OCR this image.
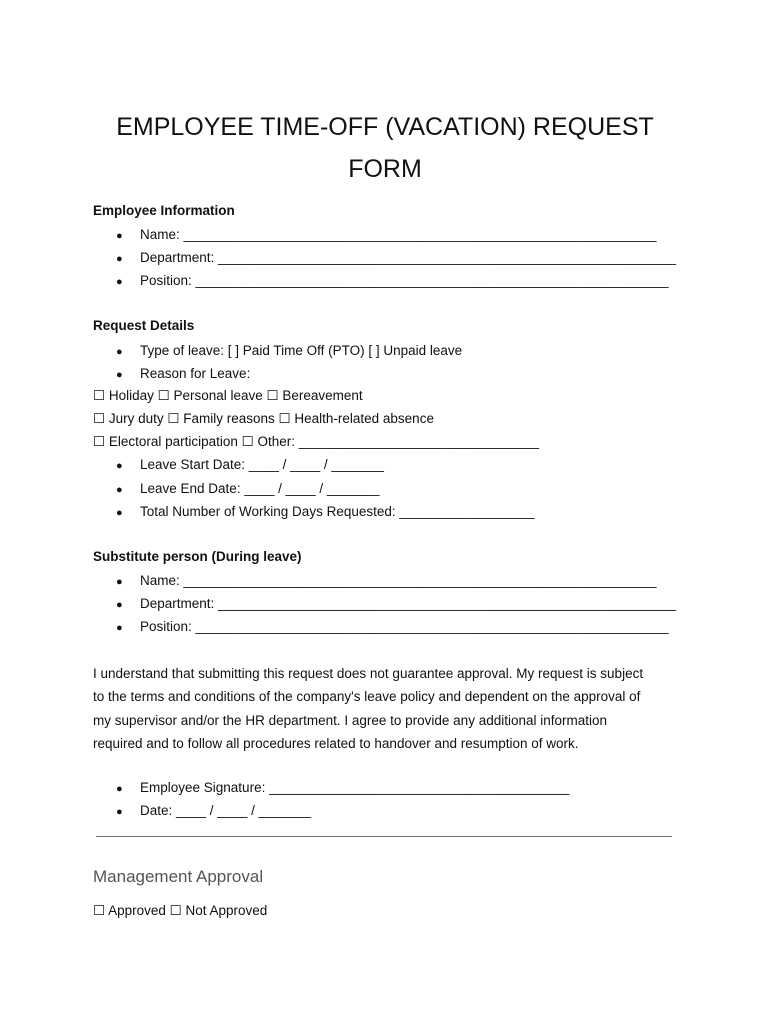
EMPLOYEE TIME-OFF (VACATION) REQUEST
FORM
Employee Information
● Name: _______________________________________________________________
● Department: _____________________________________________________________
● Position: _______________________________________________________________
Request Details
● Type of leave: [ ] Paid Time Off (PTO) [ ] Unpaid leave
● Reason for Leave:
☐ Holiday ☐ Personal leave ☐ Bereavement
☐ Jury duty ☐ Family reasons ☐ Health-related absence
☐ Electoral participation ☐ Other: ________________________________
● Leave Start Date: ____ / ____ / _______
● Leave End Date: ____ / ____ / _______
● Total Number of Working Days Requested: __________________
Substitute person (During leave)
● Name: _______________________________________________________________
● Department: _____________________________________________________________
● Position: _______________________________________________________________

I understand that submitting this request does not guarantee approval. My request is subject
to the terms and conditions of the company's leave policy and dependent on the approval of
my supervisor and/or the HR department. I agree to provide any additional information
required and to follow all procedures related to handover and resumption of work.

● Employee Signature: ________________________________________
● Date: ____ / ____ / _______
Management Approval
☐ Approved ☐ Not Approved
